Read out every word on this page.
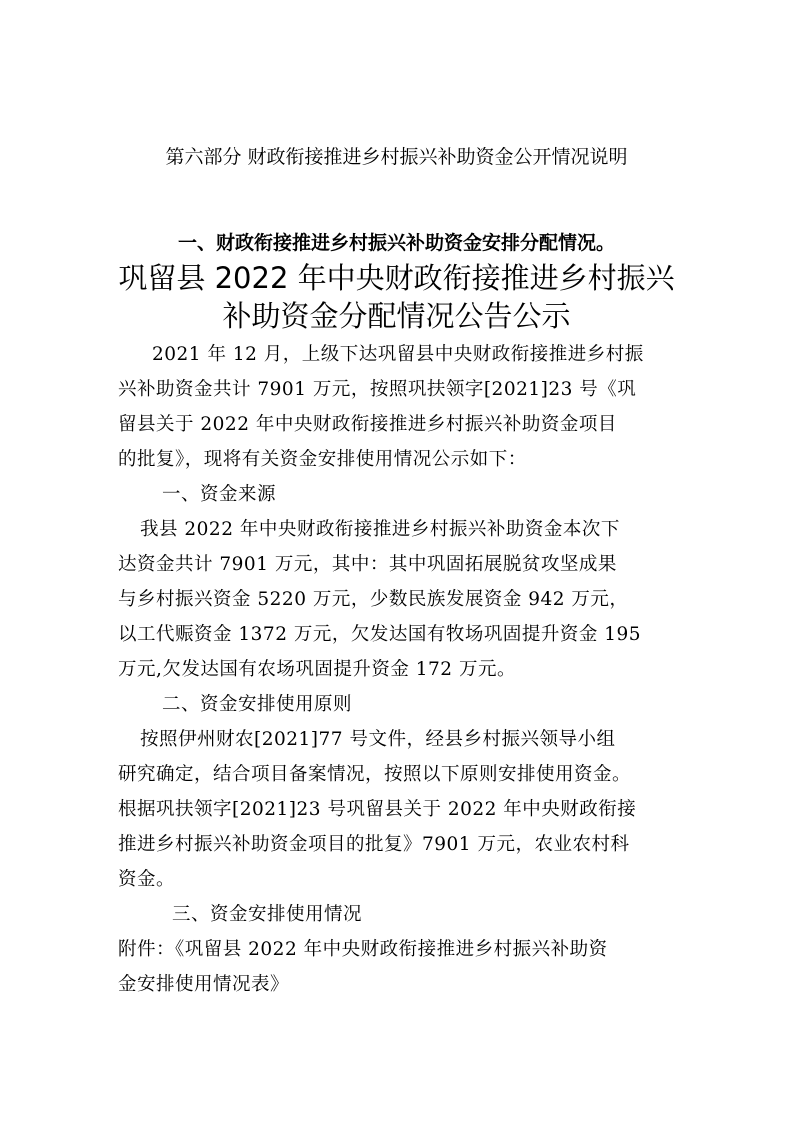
第六部分 财政衔接推进乡村振兴补助资金公开情况说明
一、财政衔接推进乡村振兴补助资金安排分配情况。
巩留县 2022 年中央财政衔接推进乡村振兴
补助资金分配情况公告公示
2021 年 12 月，上级下达巩留县中央财政衔接推进乡村振
兴补助资金共计 7901 万元，按照巩扶领字[2021]23 号《巩
留县关于 2022 年中央财政衔接推进乡村振兴补助资金项目
的批复》，现将有关资金安排使用情况公示如下：
一、资金来源
我县 2022 年中央财政衔接推进乡村振兴补助资金本次下
达资金共计 7901 万元，其中：其中巩固拓展脱贫攻坚成果
与乡村振兴资金 5220 万元，少数民族发展资金 942 万元，
以工代赈资金 1372 万元，欠发达国有牧场巩固提升资金 195
万元,欠发达国有农场巩固提升资金 172 万元。
二、资金安排使用原则
按照伊州财农[2021]77 号文件，经县乡村振兴领导小组
研究确定，结合项目备案情况，按照以下原则安排使用资金。
根据巩扶领字[2021]23 号巩留县关于 2022 年中央财政衔接
推进乡村振兴补助资金项目的批复》7901 万元，农业农村科
资金。
三、资金安排使用情况
附件：《巩留县 2022 年中央财政衔接推进乡村振兴补助资
金安排使用情况表》
